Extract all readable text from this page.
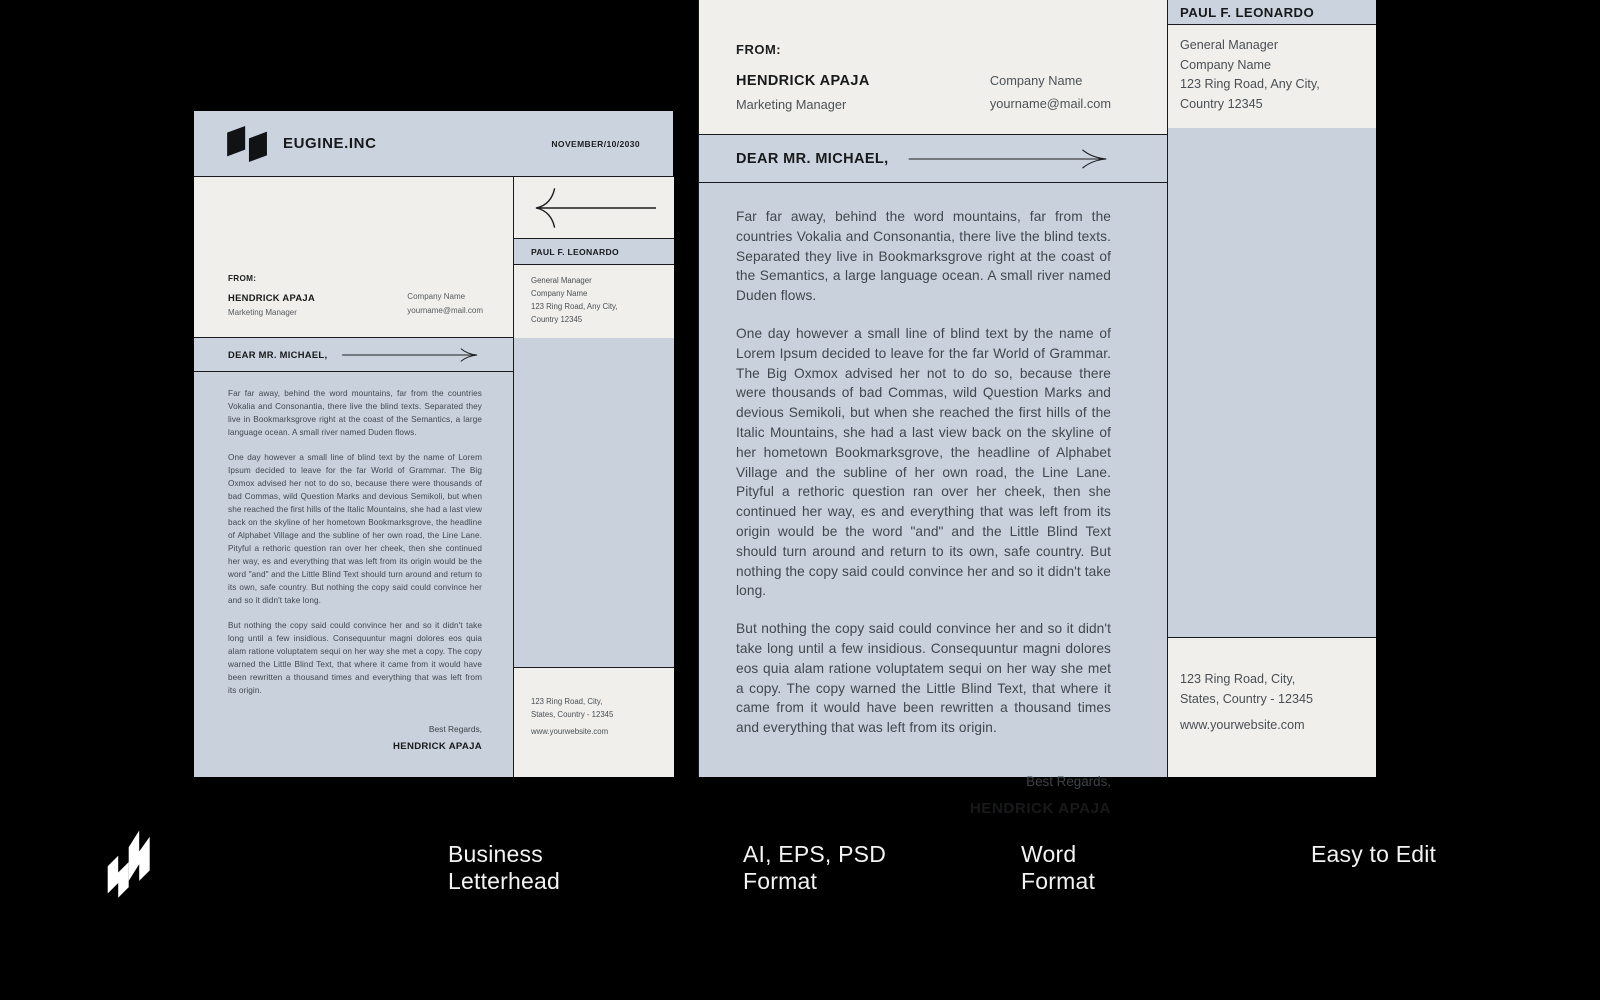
EUGINE.INC	NOVEMBER/10/2030
FROM:
HENDRICK APAJA
Marketing Manager
Company Name
yourname@mail.com
DEAR MR. MICHAEL,

Far far away, behind the word mountains, far from the countries Vokalia and Consonantia, there live the blind texts. Separated they live in Bookmarksgrove right at the coast of the Semantics, a large language ocean. A small river named Duden flows.

One day however a small line of blind text by the name of Lorem Ipsum decided to leave for the far World of Grammar. The Big Oxmox advised her not to do so, because there were thousands of bad Commas, wild Question Marks and devious Semikoli, but when she reached the first hills of the Italic Mountains, she had a last view back on the skyline of her hometown Bookmarksgrove, the headline of Alphabet Village and the subline of her own road, the Line Lane. Pityful a rethoric question ran over her cheek, then she continued her way, es and everything that was left from its origin would be the word "and" and the Little Blind Text should turn around and return to its own, safe country. But nothing the copy said could convince her and so it didn't take long.

But nothing the copy said could convince her and so it didn't take long until a few insidious. Consequuntur magni dolores eos quia alam ratione voluptatem sequi on her way she met a copy. The copy warned the Little Blind Text, that where it came from it would have been rewritten a thousand times and everything that was left from its origin.

Best Regards,
HENDRICK APAJA
PAUL F. LEONARDO
General Manager
Company Name
123 Ring Road, Any City,
Country 12345
123 Ring Road, City,
States, Country - 12345
www.yourwebsite.com
FROM:
HENDRICK APAJA
Marketing Manager
Company Name
yourname@mail.com
DEAR MR. MICHAEL,

Far far away, behind the word mountains, far from the countries Vokalia and Consonantia, there live the blind texts. Separated they live in Bookmarksgrove right at the coast of the Semantics, a large language ocean. A small river named Duden flows.

One day however a small line of blind text by the name of Lorem Ipsum decided to leave for the far World of Grammar. The Big Oxmox advised her not to do so, because there were thousands of bad Commas, wild Question Marks and devious Semikoli, but when she reached the first hills of the Italic Mountains, she had a last view back on the skyline of her hometown Bookmarksgrove, the headline of Alphabet Village and the subline of her own road, the Line Lane. Pityful a rethoric question ran over her cheek, then she continued her way, es and everything that was left from its origin would be the word "and" and the Little Blind Text should turn around and return to its own, safe country. But nothing the copy said could convince her and so it didn't take long.

But nothing the copy said could convince her and so it didn't take long until a few insidious. Consequuntur magni dolores eos quia alam ratione voluptatem sequi on her way she met a copy. The copy warned the Little Blind Text, that where it came from it would have been rewritten a thousand times and everything that was left from its origin.

Best Regards,
HENDRICK APAJA
PAUL F. LEONARDO
General Manager
Company Name
123 Ring Road, Any City,
Country 12345
123 Ring Road, City,
States, Country - 12345
www.yourwebsite.com
Business
Letterhead
AI, EPS, PSD
Format
Word
Format
Easy to Edit
